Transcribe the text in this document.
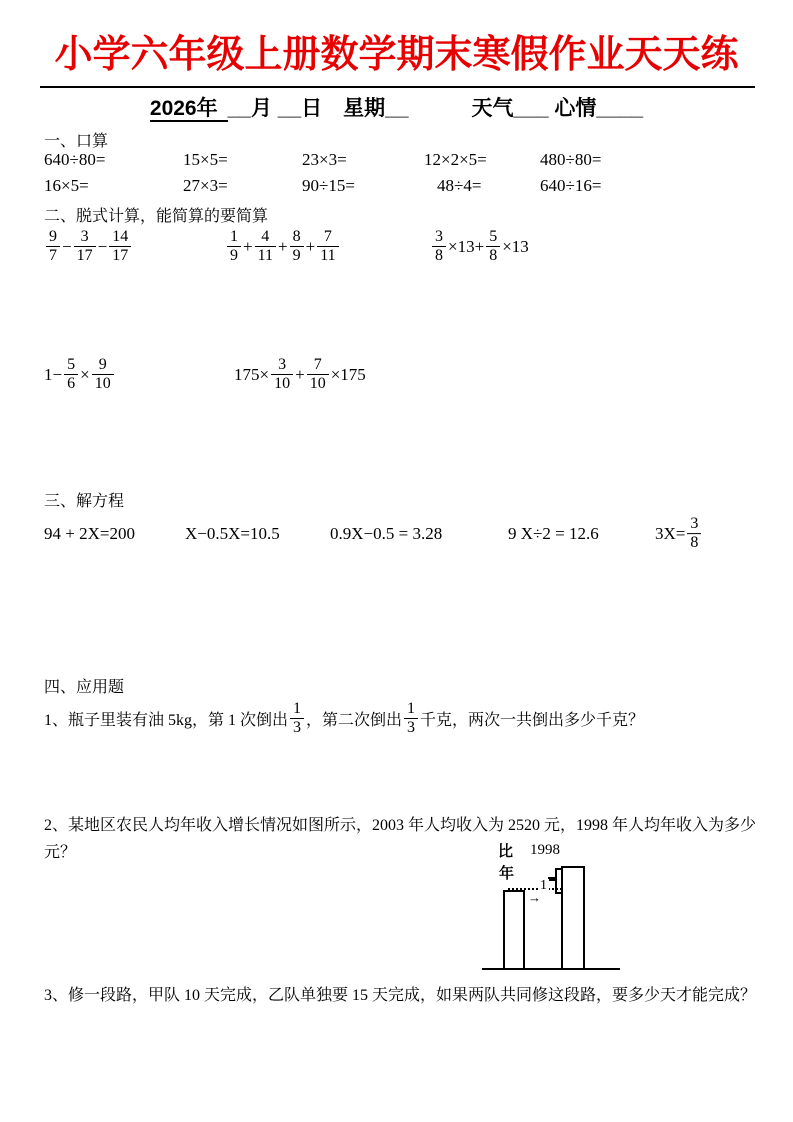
小学六年级上册数学期末寒假作业天天练
2026年 __月 __日　星期__　　　天气___ 心情____
一、口算
640÷80=	15×5=	23×3=	12×2×5=	480÷80=
16×5=	27×3=	90÷15=	48÷4=	640÷16=
二、脱式计算，能简算的要简算
$\frac{9}{7} - \frac{3}{17} - \frac{14}{17}$	$\frac{1}{9} + \frac{4}{11} + \frac{8}{9} + \frac{7}{11}$	$\frac{3}{8} \times 13+ \frac{5}{8} \times 13$
$1- \frac{5}{6} \times \frac{9}{10}$	$175\times \frac{3}{10} + \frac{7}{10} \times 175$
三、解方程
94 + 2X=200	X−0.5X=10.5	0.9X−0.5 = 3.28	9 X÷2 = 12.6	$3X= \frac{3}{8}$
四、应用题
1、瓶子里装有油 5kg，第 1 次倒出 $\frac{1}{3}$ ，第二次倒出 $\frac{1}{3}$ 千克，两次一共倒出多少千克？
2、某地区农民人均年收入增长情况如图所示，2003 年人均收入为 2520 元，1998 年人均年收入为多少元？
3、修一段路，甲队 10 天完成，乙队单独要 15 天完成，如果两队共同修这段路，要多少天才能完成？
比 1998
年
1
→
